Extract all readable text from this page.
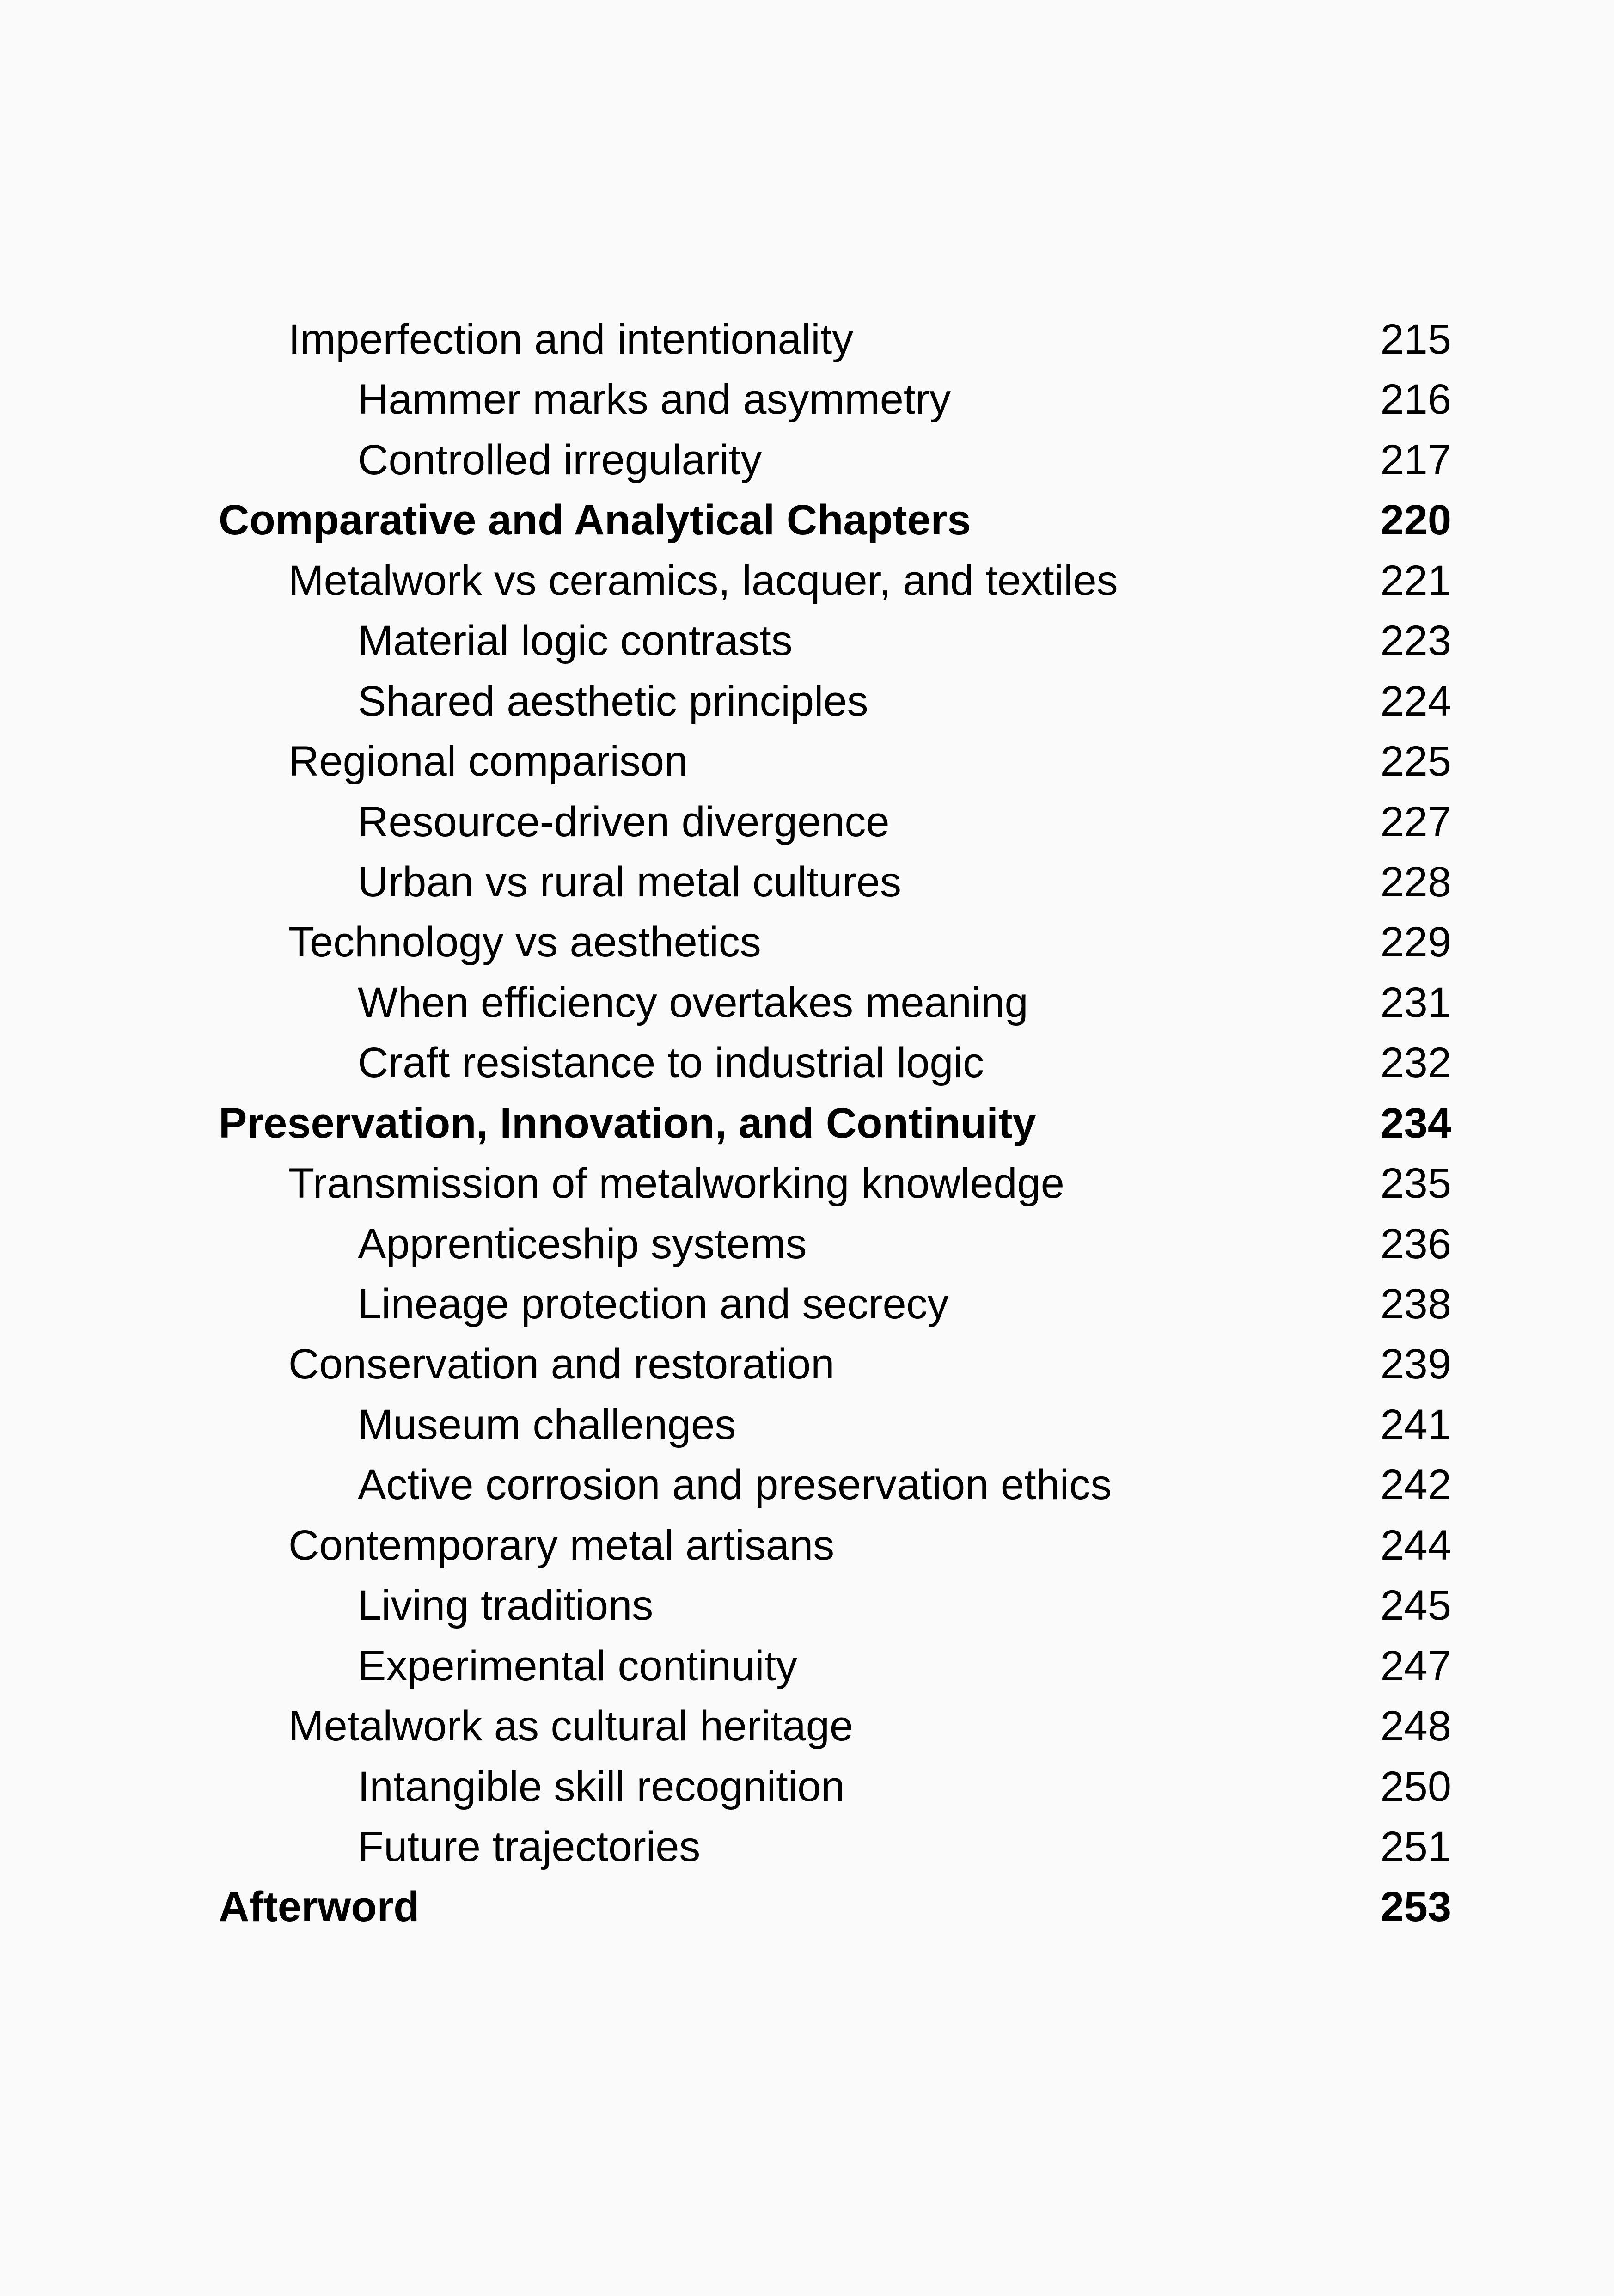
Imperfection and intentionality	215
Hammer marks and asymmetry	216
Controlled irregularity	217
Comparative and Analytical Chapters	220
Metalwork vs ceramics, lacquer, and textiles	221
Material logic contrasts	223
Shared aesthetic principles	224
Regional comparison	225
Resource-driven divergence	227
Urban vs rural metal cultures	228
Technology vs aesthetics	229
When efficiency overtakes meaning	231
Craft resistance to industrial logic	232
Preservation, Innovation, and Continuity	234
Transmission of metalworking knowledge	235
Apprenticeship systems	236
Lineage protection and secrecy	238
Conservation and restoration	239
Museum challenges	241
Active corrosion and preservation ethics	242
Contemporary metal artisans	244
Living traditions	245
Experimental continuity	247
Metalwork as cultural heritage	248
Intangible skill recognition	250
Future trajectories	251
Afterword	253
